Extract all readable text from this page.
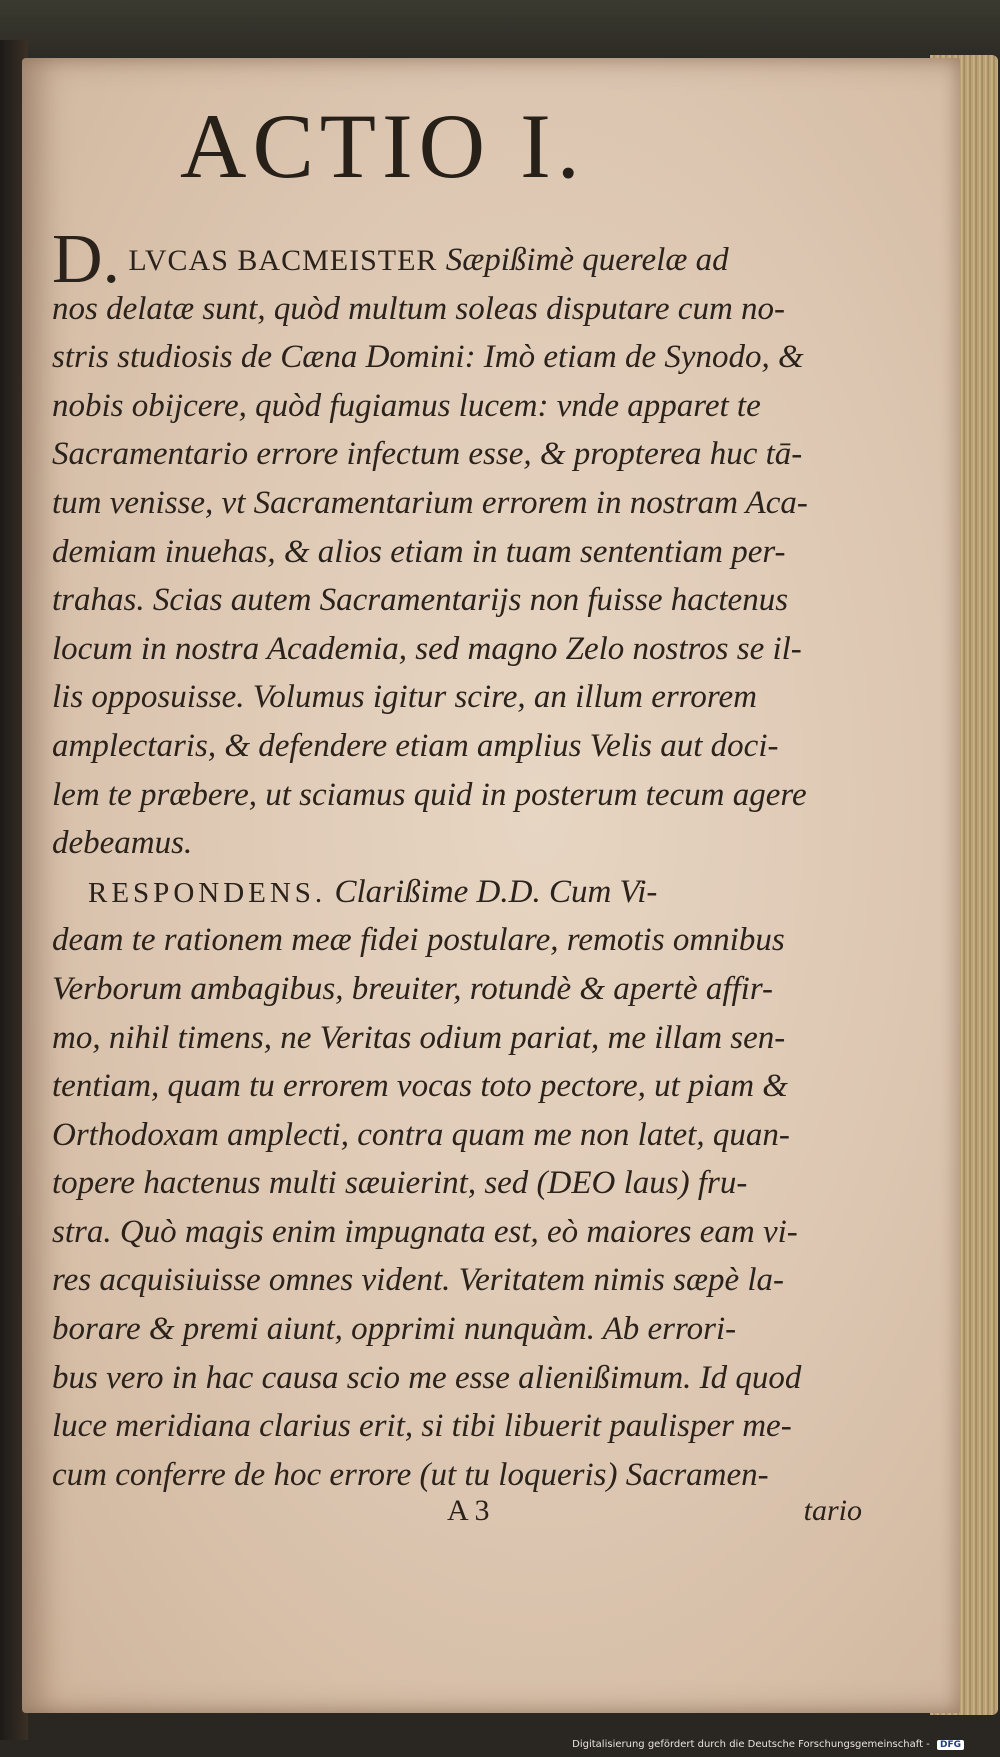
ACTIO I.
D. LVCAS BACMEISTER Sæpißimè querelæ ad
nos delatæ sunt, quòd multum soleas disputare cum no-
stris studiosis de Cæna Domini: Imò etiam de Synodo, &
nobis obijcere, quòd fugiamus lucem: vnde apparet te
Sacramentario errore infectum esse, & propterea huc tā-
tum venisse, vt Sacramentarium errorem in nostram Aca-
demiam inuehas, & alios etiam in tuam sententiam per-
trahas. Scias autem Sacramentarijs non fuisse hactenus
locum in nostra Academia, sed magno Zelo nostros se il-
lis opposuisse. Volumus igitur scire, an illum errorem
amplectaris, & defendere etiam amplius Velis aut doci-
lem te præbere, ut sciamus quid in posterum tecum agere
debeamus.
RESPONDENS. Clarißime D.D. Cum Vi-
deam te rationem meæ fidei postulare, remotis omnibus
Verborum ambagibus, breuiter, rotundè & apertè affir-
mo, nihil timens, ne Veritas odium pariat, me illam sen-
tentiam, quam tu errorem vocas toto pectore, ut piam &
Orthodoxam amplecti, contra quam me non latet, quan-
topere hactenus multi sæuierint, sed (DEO laus) fru-
stra. Quò magis enim impugnata est, eò maiores eam vi-
res acquisiuisse omnes vident. Veritatem nimis sæpè la-
borare & premi aiunt, opprimi nunquàm. Ab errori-
bus vero in hac causa scio me esse alienißimum. Id quod
luce meridiana clarius erit, si tibi libuerit paulisper me-
cum conferre de hoc errore (ut tu loqueris) Sacramen-
A 3	tario
Digitalisierung gefördert durch die Deutsche Forschungsgemeinschaft - DFG
